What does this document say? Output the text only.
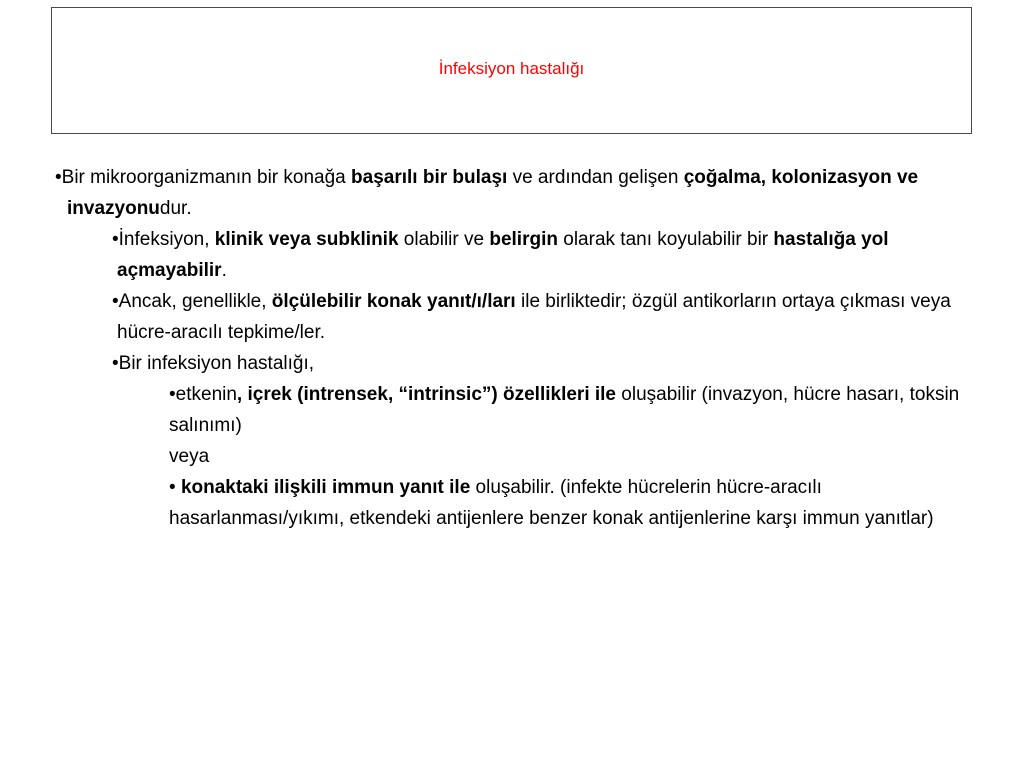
İnfeksiyon hastalığı

•Bir mikroorganizmanın bir konağa başarılı bir bulaşı ve ardından gelişen çoğalma, kolonizasyon ve invazyonudur.

•İnfeksiyon, klinik veya subklinik olabilir ve belirgin olarak tanı koyulabilir bir hastalığa yol açmayabilir.

•Ancak, genellikle, ölçülebilir konak yanıt/ı/ları ile birliktedir; özgül antikorların ortaya çıkması veya hücre-aracılı tepkime/ler.

•Bir infeksiyon hastalığı,

•etkenin, içrek (intrensek, “intrinsic”) özellikleri ile oluşabilir (invazyon, hücre hasarı, toksin salınımı)

veya

• konaktaki ilişkili immun yanıt ile oluşabilir. (infekte hücrelerin hücre-aracılı hasarlanması/yıkımı, etkendeki antijenlere benzer konak antijenlerine karşı immun yanıtlar)
